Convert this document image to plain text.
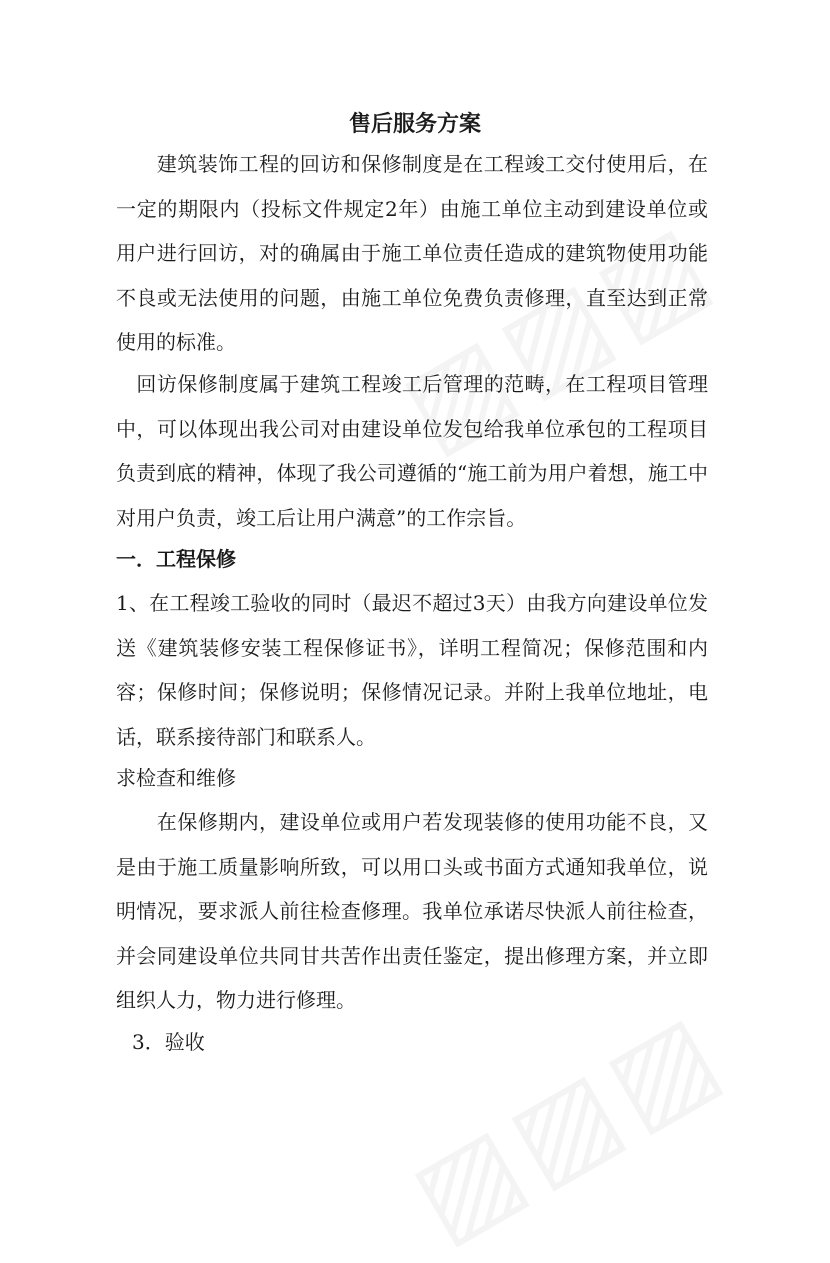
售后服务方案

　　建筑装饰工程的回访和保修制度是在工程竣工交付使用后，在一定的期限内（投标文件规定2年）由施工单位主动到建设单位或用户进行回访，对的确属由于施工单位责任造成的建筑物使用功能不良或无法使用的问题，由施工单位免费负责修理，直至达到正常使用的标准。

　回访保修制度属于建筑工程竣工后管理的范畴，在工程项目管理中，可以体现出我公司对由建设单位发包给我单位承包的工程项目负责到底的精神，体现了我公司遵循的“施工前为用户着想，施工中对用户负责，竣工后让用户满意”的工作宗旨。

一．工程保修

1、在工程竣工验收的同时（最迟不超过3天）由我方向建设单位发送《建筑装修安装工程保修证书》，详明工程简况；保修范围和内容；保修时间；保修说明；保修情况记录。并附上我单位地址，电话，联系接待部门和联系人。

求检查和维修

　　在保修期内，建设单位或用户若发现装修的使用功能不良，又是由于施工质量影响所致，可以用口头或书面方式通知我单位，说明情况，要求派人前往检查修理。我单位承诺尽快派人前往检查，并会同建设单位共同甘共苦作出责任鉴定，提出修理方案，并立即组织人力，物力进行修理。

3．验收
